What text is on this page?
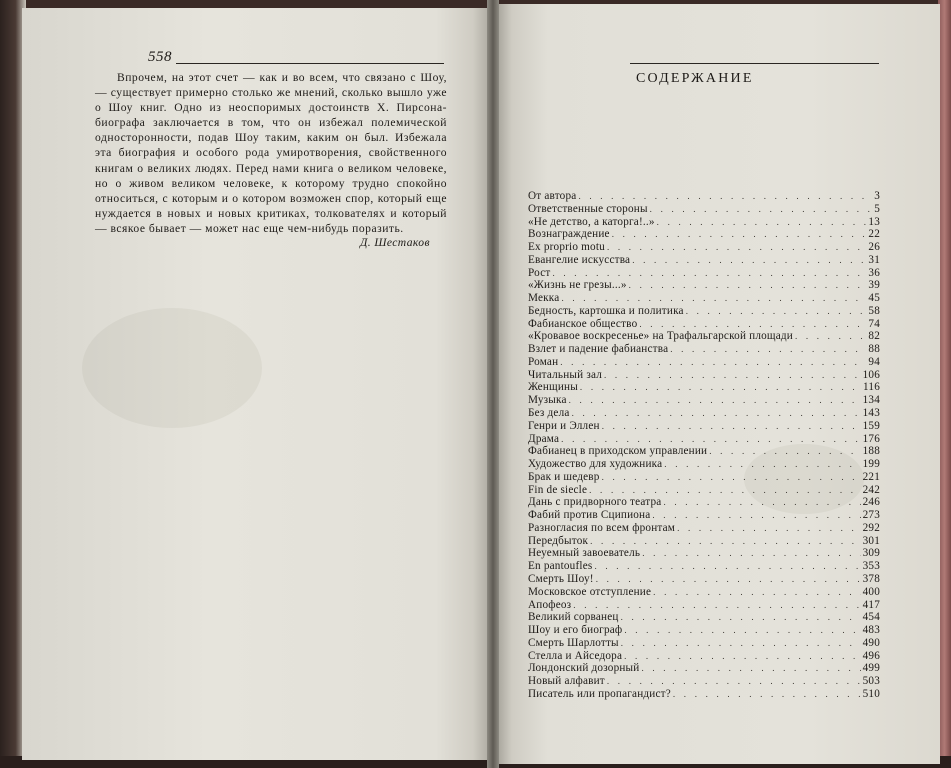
558

Впрочем, на этот счет — как и во всем, что связано с Шоу, — существует примерно столько же мнений, сколько вышло уже о Шоу книг. Одно из неоспоримых достоинств Х. Пирсона-биографа заключается в том, что он избежал полемической односторонности, подав Шоу таким, каким он был. Избежала эта биография и особого рода умиротворения, свойственного книгам о великих людях. Перед нами книга о великом человеке, но о живом великом человеке, к которому трудно спокойно относиться, с которым и о котором возможен спор, который еще нуждается в новых и новых критиках, толкователях и который — всякое бывает — может нас еще чем-нибудь поразить.

Д. Шестаков
СОДЕРЖАНИЕ
От автора . . .	3
Ответственные стороны . . .	5
«Не детство, а каторга!..» . . .	13
Вознаграждение . . .	22
Ex proprio motu . . .	26
Евангелие искусства . . .	31
Рост . . .	36
«Жизнь не грезы...» . . .	39
Мекка . . .	45
Бедность, картошка и политика . . .	58
Фабианское общество . . .	74
«Кровавое воскресенье» на Трафальгарской площади . . .	82
Взлет и падение фабианства . . .	88
Роман . . .	94
Читальный зал . . .	106
Женщины . . .	116
Музыка . . .	134
Без дела . . .	143
Генри и Эллен . . .	159
Драма . . .	176
Фабианец в приходском управлении . . .	188
Художество для художника . . .	199
Брак и шедевр . . .	221
Fin de siecle . . .	242
Дань с придворного театра . . .	246
Фабий против Сципиона . . .	273
Разногласия по всем фронтам . . .	292
Передбыток . . .	301
Неуемный завоеватель . . .	309
En pantoufles . . .	353
Смерть Шоу! . . .	378
Московское отступление . . .	400
Апофеоз . . .	417
Великий сорванец . . .	454
Шоу и его биограф . . .	483
Смерть Шарлотты . . .	490
Стелла и Айседора . . .	496
Лондонский дозорный . . .	499
Новый алфавит . . .	503
Писатель или пропагандист? . . .	510
